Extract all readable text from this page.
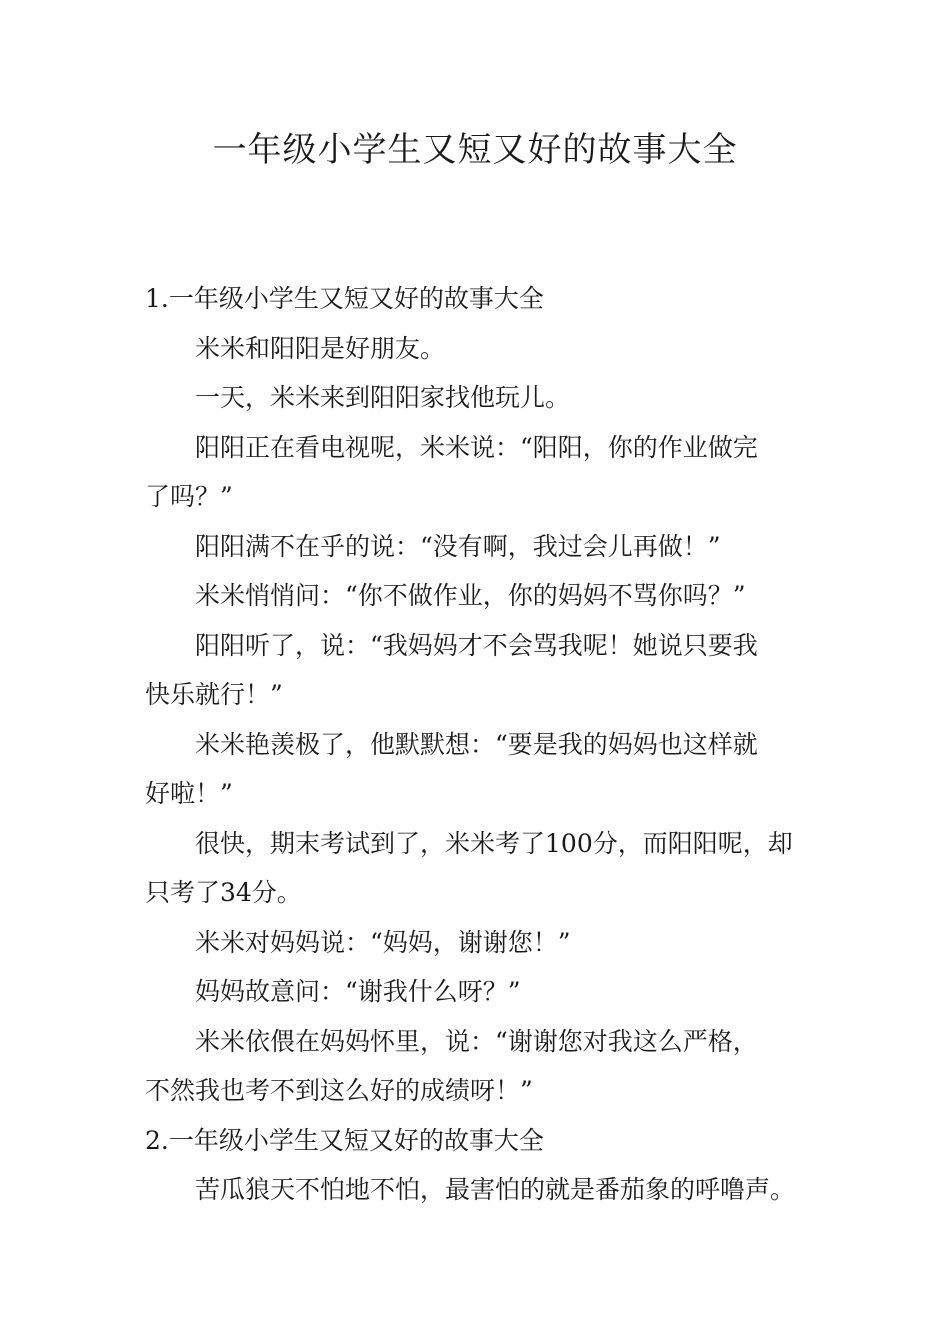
一年级小学生又短又好的故事大全

1.一年级小学生又短又好的故事大全

米米和阳阳是好朋友。

一天，米米来到阳阳家找他玩儿。

阳阳正在看电视呢，米米说：“阳阳，你的作业做完

了吗？”

阳阳满不在乎的说：“没有啊，我过会儿再做！”

米米悄悄问：“你不做作业，你的妈妈不骂你吗？”

阳阳听了，说：“我妈妈才不会骂我呢！她说只要我

快乐就行！”

米米艳羡极了，他默默想：“要是我的妈妈也这样就

好啦！”

很快，期末考试到了，米米考了100分，而阳阳呢，却

只考了34分。

米米对妈妈说：“妈妈，谢谢您！”

妈妈故意问：“谢我什么呀？”

米米依偎在妈妈怀里，说：“谢谢您对我这么严格，

不然我也考不到这么好的成绩呀！”

2.一年级小学生又短又好的故事大全

苦瓜狼天不怕地不怕，最害怕的就是番茄象的呼噜声。
